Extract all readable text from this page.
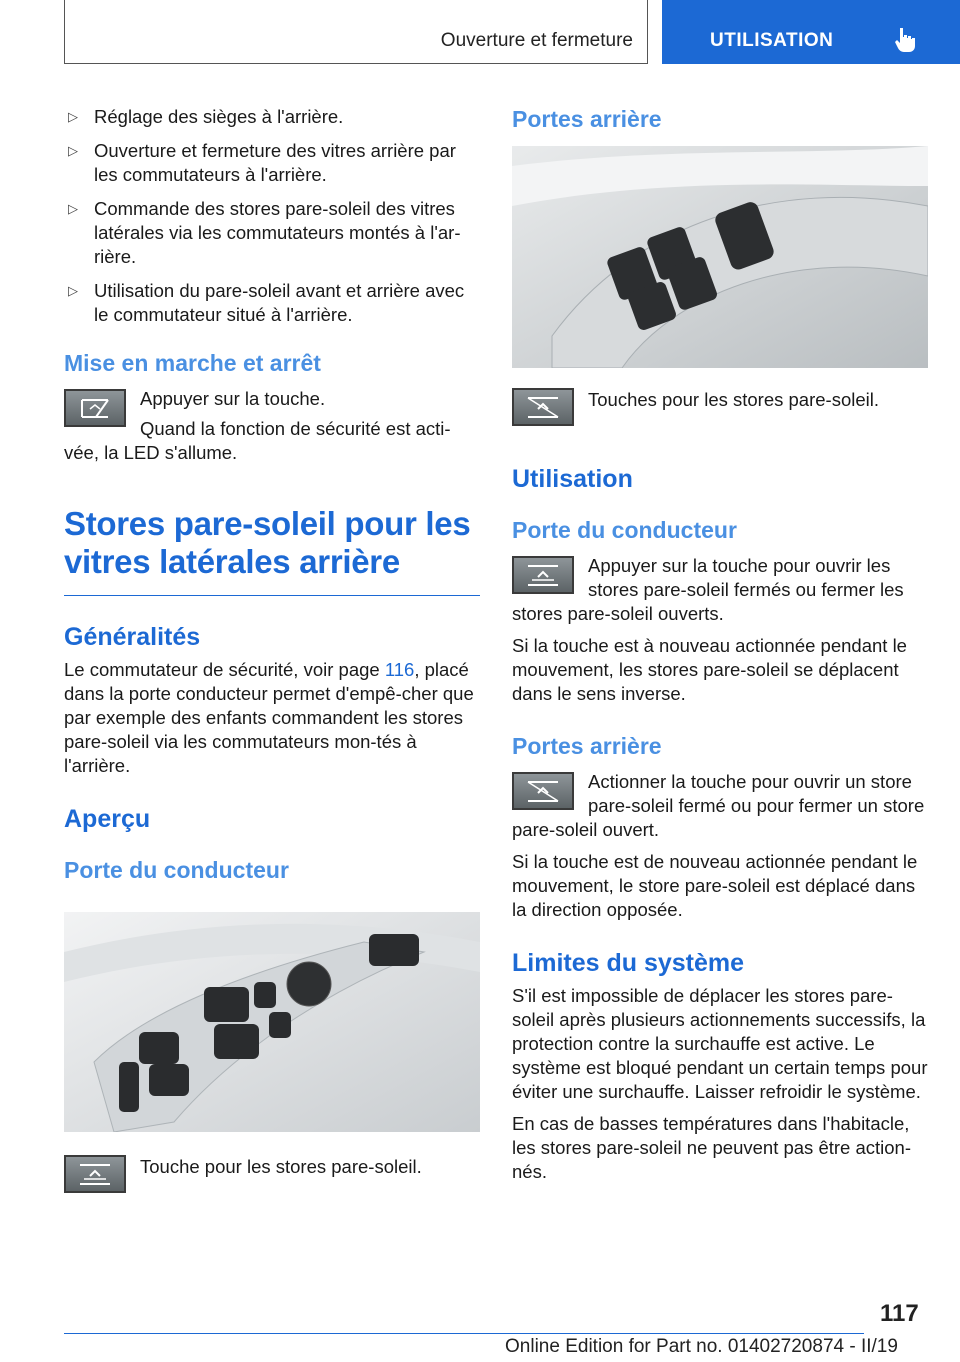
Ouverture et fermeture	UTILISATION

▷ Réglage des sièges à l'arrière.

▷ Ouverture et fermeture des vitres arrière par les commutateurs à l'arrière.

▷ Commande des stores pare-soleil des vitres latérales via les commutateurs montés à l'ar-rière.

▷ Utilisation du pare-soleil avant et arrière avec le commutateur situé à l'arrière.

Mise en marche et arrêt

Appuyer sur la touche.

Quand la fonction de sécurité est acti-vée, la LED s'allume.

Stores pare-soleil pour les vitres latérales arrière
Généralités

Le commutateur de sécurité, voir page 116, placé dans la porte conducteur permet d'empê-cher que par exemple des enfants commandent les stores pare-soleil via les commutateurs mon-tés à l'arrière.

Aperçu
Porte du conducteur

Touche pour les stores pare-soleil.

Portes arrière

Touches pour les stores pare-soleil.

Utilisation
Porte du conducteur

Appuyer sur la touche pour ouvrir les stores pare-soleil fermés ou fermer les stores pare-soleil ouverts.

Si la touche est à nouveau actionnée pendant le mouvement, les stores pare-soleil se déplacent dans le sens inverse.

Portes arrière

Actionner la touche pour ouvrir un store pare-soleil fermé ou pour fermer un store pare-soleil ouvert.

Si la touche est de nouveau actionnée pendant le mouvement, le store pare-soleil est déplacé dans la direction opposée.

Limites du système

S'il est impossible de déplacer les stores pare-soleil après plusieurs actionnements successifs, la protection contre la surchauffe est active. Le système est bloqué pendant un certain temps pour éviter une surchauffe. Laisser refroidir le système.

En cas de basses températures dans l'habitacle, les stores pare-soleil ne peuvent pas être action-nés.

117
Online Edition for Part no. 01402720874 - II/19
